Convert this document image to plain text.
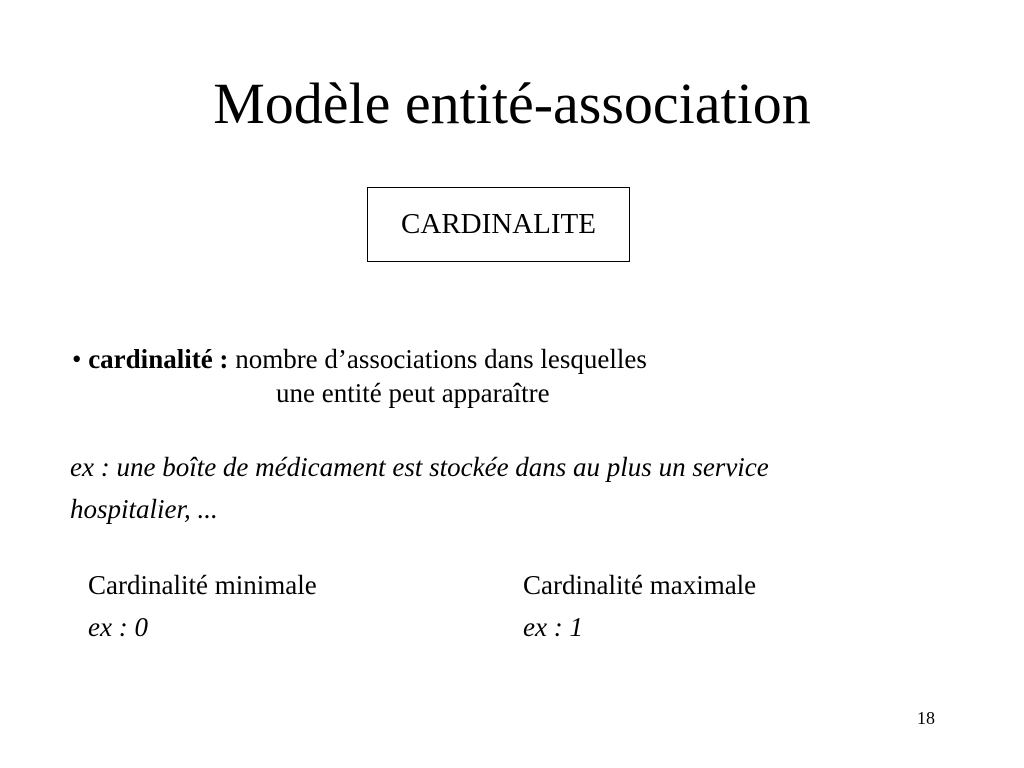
Modèle entité-association
CARDINALITE
• cardinalité : nombre d’associations dans lesquelles
une entité peut apparaître
ex : une boîte de médicament est stockée dans au plus un service hospitalier, ...
Cardinalité minimale
ex : 0
Cardinalité maximale
ex : 1
18
